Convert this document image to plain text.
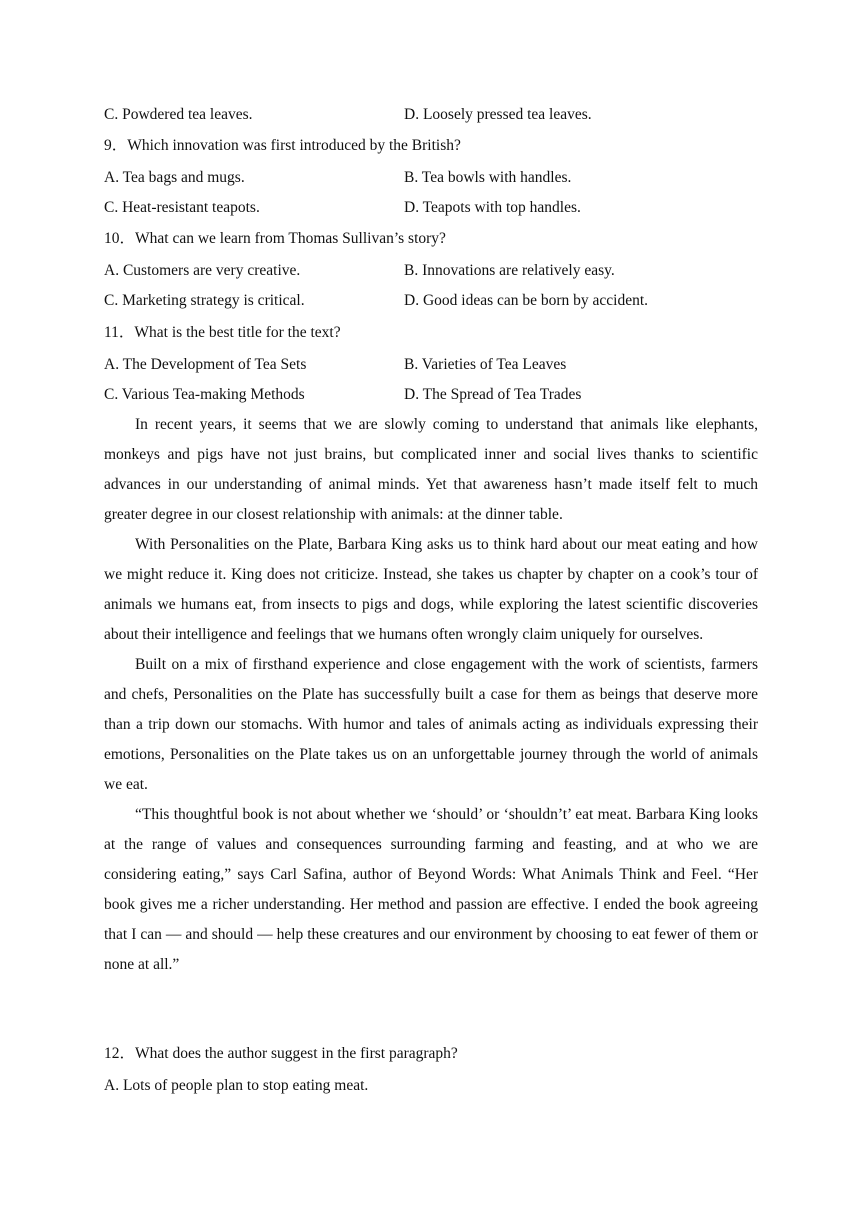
C. Powdered tea leaves.	D. Loosely pressed tea leaves.
9．Which innovation was first introduced by the British?
A. Tea bags and mugs.	B. Tea bowls with handles.
C. Heat-resistant teapots.	D. Teapots with top handles.
10．What can we learn from Thomas Sullivan’s story?
A. Customers are very creative.	B. Innovations are relatively easy.
C. Marketing strategy is critical.	D. Good ideas can be born by accident.
11．What is the best title for the text?
A. The Development of Tea Sets	B. Varieties of Tea Leaves
C. Various Tea-making Methods	D. The Spread of Tea Trades

In recent years, it seems that we are slowly coming to understand that animals like elephants, monkeys and pigs have not just brains, but complicated inner and social lives thanks to scientific advances in our understanding of animal minds. Yet that awareness hasn’t made itself felt to much greater degree in our closest relationship with animals: at the dinner table.

With Personalities on the Plate, Barbara King asks us to think hard about our meat eating and how we might reduce it. King does not criticize. Instead, she takes us chapter by chapter on a cook’s tour of animals we humans eat, from insects to pigs and dogs, while exploring the latest scientific discoveries about their intelligence and feelings that we humans often wrongly claim uniquely for ourselves.

Built on a mix of firsthand experience and close engagement with the work of scientists, farmers and chefs, Personalities on the Plate has successfully built a case for them as beings that deserve more than a trip down our stomachs. With humor and tales of animals acting as individuals expressing their emotions, Personalities on the Plate takes us on an unforgettable journey through the world of animals we eat.

“This thoughtful book is not about whether we ‘should’ or ‘shouldn’t’ eat meat. Barbara King looks at the range of values and consequences surrounding farming and feasting, and at who we are considering eating,” says Carl Safina, author of Beyond Words: What Animals Think and Feel. “Her book gives me a richer understanding. Her method and passion are effective. I ended the book agreeing that I can — and should — help these creatures and our environment by choosing to eat fewer of them or none at all.”

12．What does the author suggest in the first paragraph?
A. Lots of people plan to stop eating meat.
